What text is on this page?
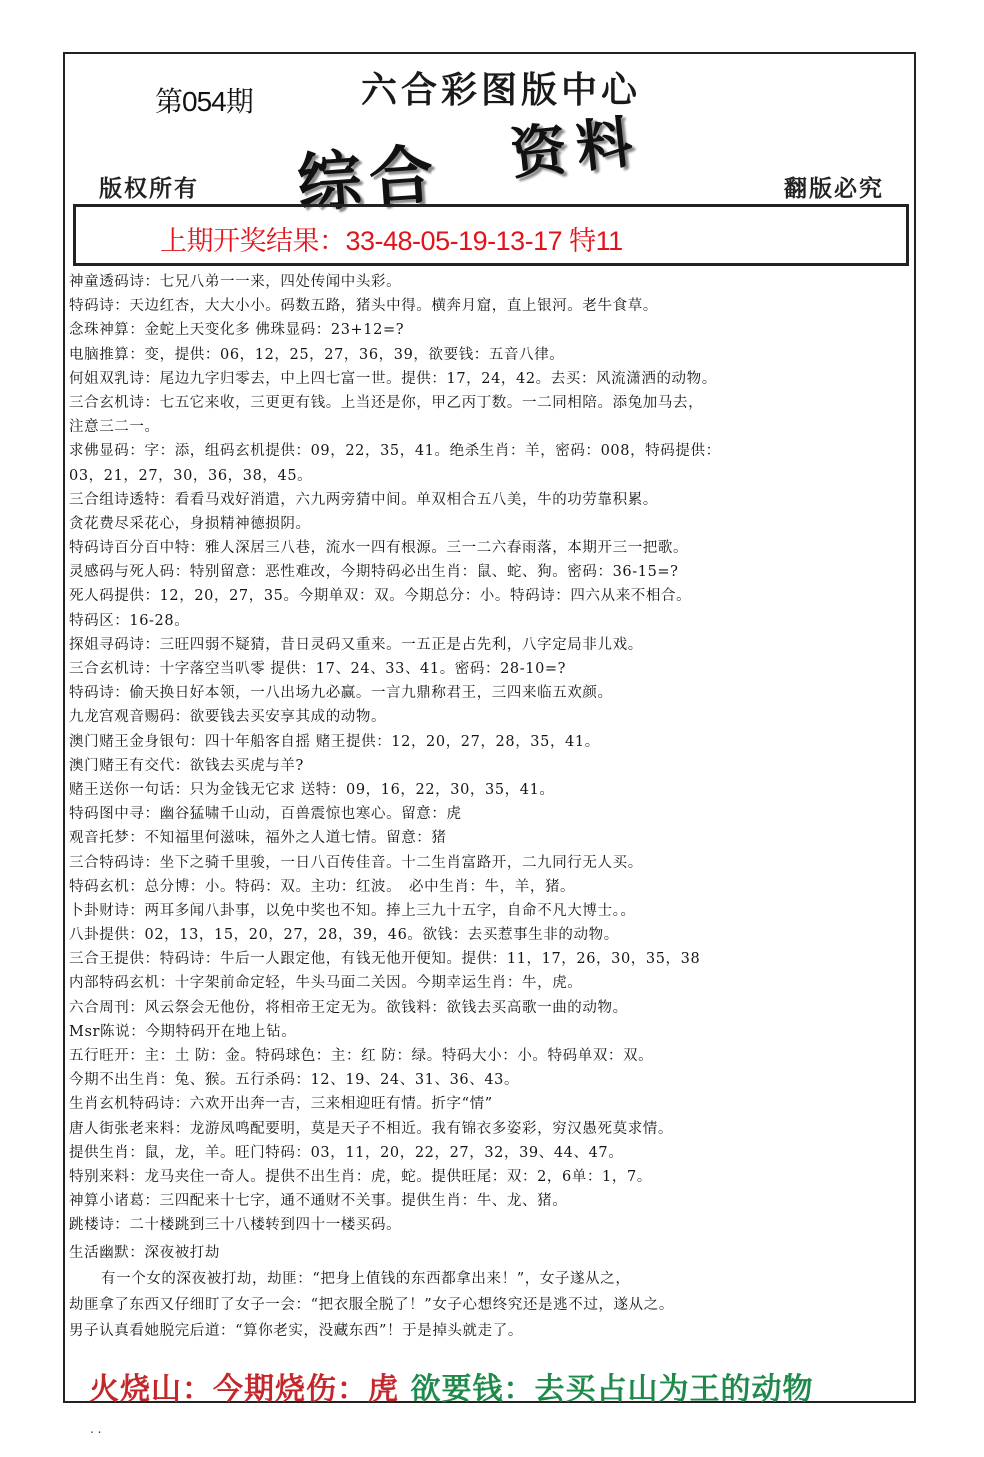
第054期	六合彩图版中心
综合 资料
版权所有	翻版必究
上期开奖结果：33-48-05-19-13-17 特11
神童透码诗：七兄八弟一一来，四处传闻中头彩。
特码诗：天边红杏，大大小小。码数五路，猪头中得。横奔月窟，直上银河。老牛食草。
念珠神算：金蛇上天变化多 佛珠显码：23+12=?
电脑推算：变，提供：06，12，25，27，36，39，欲要钱：五音八律。
何姐双乳诗：尾边九字归零去，中上四七富一世。提供：17，24，42。去买：风流潇洒的动物。
三合玄机诗：七五它来收，三更更有钱。上当还是你，甲乙丙丁数。一二同相陪。添兔加马去，
注意三二一。
求佛显码：字：添，组码玄机提供：09，22，35，41。绝杀生肖：羊，密码：008，特码提供：
03，21，27，30，36，38，45。
三合组诗透特：看看马戏好消遣，六九两旁猜中间。单双相合五八美，牛的功劳靠积累。
贪花费尽采花心，身损精神德损阴。
特码诗百分百中特：雅人深居三八巷，流水一四有根源。三一二六春雨落，本期开三一把歌。
灵感码与死人码：特别留意：恶性难改，今期特码必出生肖：鼠、蛇、狗。密码：36-15=?
死人码提供：12，20，27，35。今期单双：双。今期总分：小。特码诗：四六从来不相合。
特码区：16-28。
探姐寻码诗：三旺四弱不疑猜，昔日灵码又重来。一五正是占先利，八字定局非儿戏。
三合玄机诗：十字落空当叭零 提供：17、24、33、41。密码：28-10=?
特码诗：偷天换日好本领，一八出场九必赢。一言九鼎称君王，三四来临五欢颜。
九龙宫观音赐码：欲要钱去买安享其成的动物。
澳门赌王金身银句：四十年船客自摇 赌王提供：12，20，27，28，35，41。
澳门赌王有交代：欲钱去买虎与羊?
赌王送你一句话：只为金钱无它求 送特：09，16，22，30，35，41。
特码图中寻：幽谷猛啸千山动，百兽震惊也寒心。留意：虎
观音托梦：不知福里何滋味，福外之人道七情。留意：猪
三合特码诗：坐下之骑千里骏，一日八百传佳音。十二生肖富路开，二九同行无人买。
特码玄机：总分博：小。特码：双。主功：红波。　必中生肖：牛，羊，猪。
卜卦财诗：两耳多闻八卦事，以免中奖也不知。捧上三九十五字，自命不凡大博士。。
八卦提供：02，13，15，20，27，28，39，46。欲钱：去买惹事生非的动物。
三合王提供：特码诗：牛后一人跟定他，有钱无他开便知。提供：11，17，26，30，35，38
内部特码玄机：十字架前命定轻，牛头马面二关因。今期幸运生肖：牛，虎。
六合周刊：风云祭会无他份，将相帝王定无为。欲钱料：欲钱去买高歌一曲的动物。
Msr陈说：今期特码开在地上钻。
五行旺开：主：土 防：金。特码球色：主：红 防：绿。特码大小：小。特码单双：双。
今期不出生肖：兔、猴。五行杀码：12、19、24、31、36、43。
生肖玄机特码诗：六欢开出奔一吉，三来相迎旺有情。折字“情”
唐人街张老来料：龙游凤鸣配要明，莫是天子不相近。我有锦衣多姿彩，穷汉愚死莫求情。
提供生肖：鼠，龙，羊。旺门特码：03，11，20，22，27，32，39、44、47。
特别来料：龙马夹住一奇人。提供不出生肖：虎，蛇。提供旺尾：双：2，6单：1，7。
神算小诸葛：三四配来十七字，通不通财不关事。提供生肖：牛、龙、猪。
跳楼诗：二十楼跳到三十八楼转到四十一楼买码。
生活幽默：深夜被打劫
有一个女的深夜被打劫，劫匪：“把身上值钱的东西都拿出来！”，女子遂从之，
劫匪拿了东西又仔细盯了女子一会：“把衣服全脱了！”女子心想终究还是逃不过，遂从之。
男子认真看她脱完后道：“算你老实，没藏东西”！于是掉头就走了。
火烧山：今期烧伤：虎 欲要钱：去买占山为王的动物
. .
